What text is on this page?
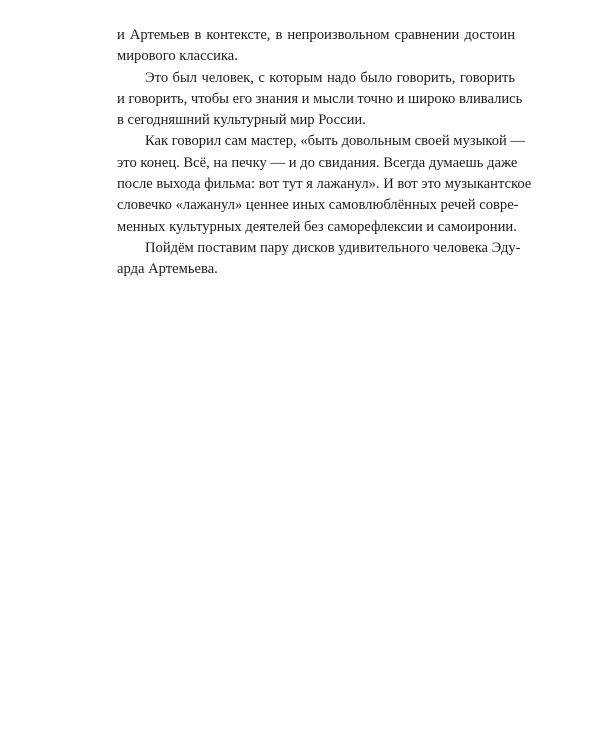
и Артемьев в контексте, в непроизвольном сравнении достоин
мирового классика.

Это был человек, с которым надо было говорить, говорить
и говорить, чтобы его знания и мысли точно и широко вливались
в сегодняшний культурный мир России.

Как говорил сам мастер, «быть довольным своей музыкой —
это конец. Всё, на печку — и до свидания. Всегда думаешь даже
после выхода фильма: вот тут я лажанул». И вот это музыкантское
словечко «лажанул» ценнее иных самовлюблённых речей совре-
менных культурных деятелей без саморефлексии и самоиронии.

Пойдём поставим пару дисков удивительного человека Эду-
арда Артемьева.
